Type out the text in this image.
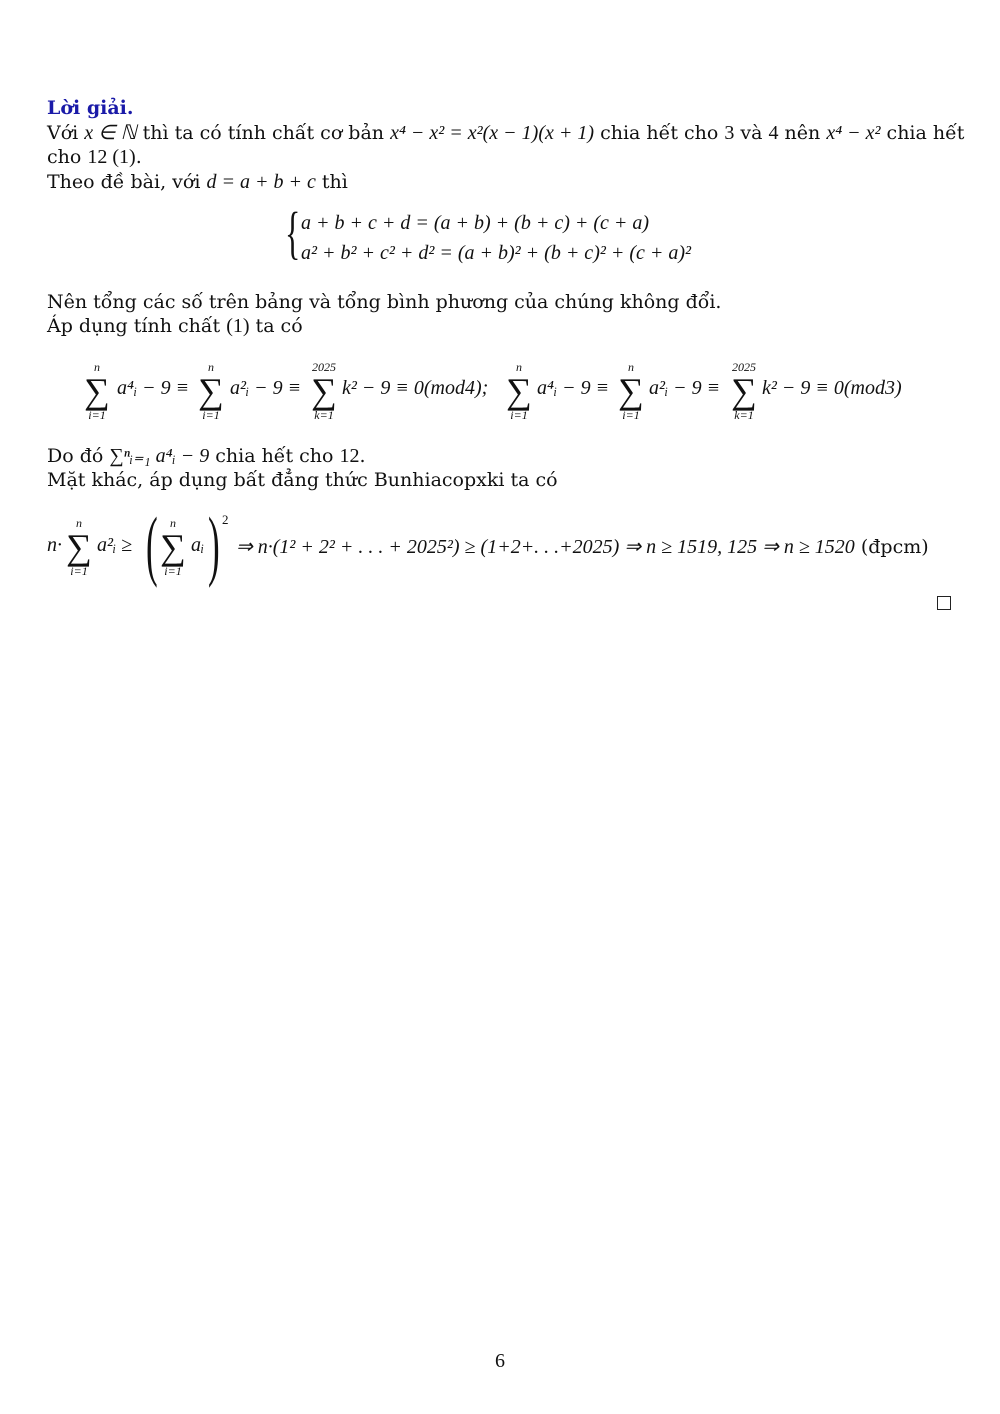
Lời giải.
Với x ∈ ℕ thì ta có tính chất cơ bản x⁴ − x² = x²(x − 1)(x + 1) chia hết cho 3 và 4 nên x⁴ − x² chia hết
cho 12 (1).
Theo đề bài, với d = a + b + c thì
{ a + b + c + d = (a + b) + (b + c) + (c + a)
a² + b² + c² + d² = (a + b)² + (b + c)² + (c + a)²
Nên tổng các số trên bảng và tổng bình phương của chúng không đổi.
Áp dụng tính chất (1) ta có
n
∑
i=1
a⁴ᵢ − 9 ≡
n
∑
i=1
a²ᵢ − 9 ≡
2025
∑
k=1
k² − 9 ≡ 0(mod4);
n
∑
i=1
a⁴ᵢ − 9 ≡
n
∑
i=1
a²ᵢ − 9 ≡
2025
∑
k=1
k² − 9 ≡ 0(mod3)
Do đó ∑ⁿᵢ₌₁ a⁴ᵢ − 9 chia hết cho 12.
Mặt khác, áp dụng bất đẳng thức Bunhiacopxki ta có
n·
n
∑
i=1
a²ᵢ ≥ (	n
∑
i=1
aᵢ ) 2
⇒ n·(1² + 2² + . . . + 2025²) ≥ (1+2+. . .+2025) ⇒ n ≥ 1519, 125 ⇒ n ≥ 1520 (đpcm)
6
